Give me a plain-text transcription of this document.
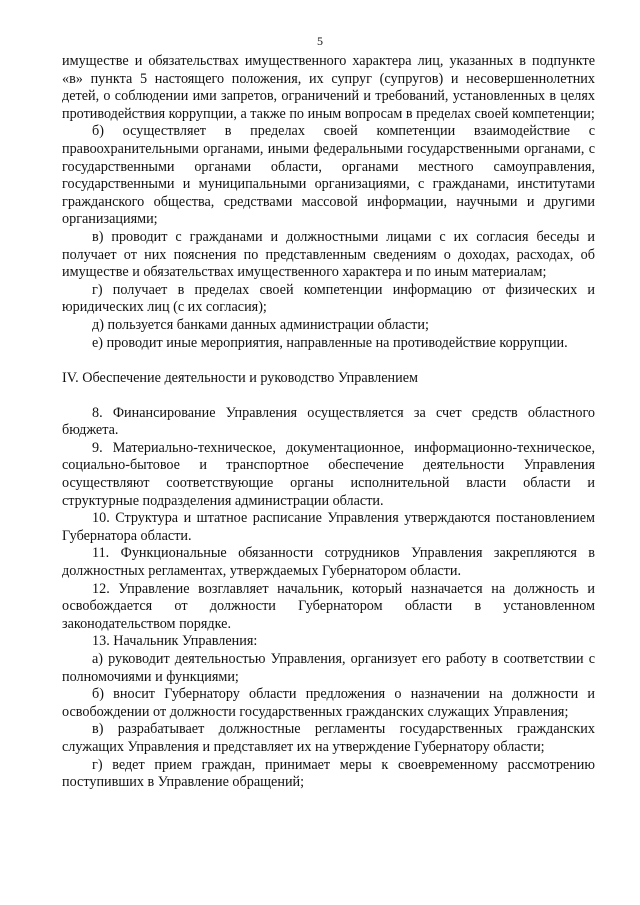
5

имуществе и обязательствах имущественного характера лиц, указанных в подпункте «в» пункта 5 настоящего положения, их супруг (супругов) и несовершеннолетних детей, о соблюдении ими запретов, ограничений и требований, установленных в целях противодействия коррупции, а также по иным вопросам в пределах своей компетенции;

б) осуществляет в пределах своей компетенции взаимодействие с правоохранительными органами, иными федеральными государственными органами, с государственными органами области, органами местного самоуправления, государственными и муниципальными организациями, с гражданами, институтами гражданского общества, средствами массовой информации, научными и другими организациями;

в) проводит с гражданами и должностными лицами с их согласия беседы и получает от них пояснения по представленным сведениям о доходах, расходах, об имуществе и обязательствах имущественного характера и по иным материалам;

г) получает в пределах своей компетенции информацию от физических и юридических лиц (с их согласия);

д) пользуется банками данных администрации области;

е) проводит иные мероприятия, направленные на противодействие коррупции.

IV. Обеспечение деятельности и руководство Управлением

8. Финансирование Управления осуществляется за счет средств областного бюджета.

9. Материально-техническое, документационное, информационно-техническое, социально-бытовое и транспортное обеспечение деятельности Управления осуществляют соответствующие органы исполнительной власти области и структурные подразделения администрации области.

10. Структура и штатное расписание Управления утверждаются постановлением Губернатора области.

11. Функциональные обязанности сотрудников Управления закрепляются в должностных регламентах, утверждаемых Губернатором области.

12. Управление возглавляет начальник, который назначается на должность и освобождается от должности Губернатором области в установленном законодательством порядке.

13. Начальник Управления:

а) руководит деятельностью Управления, организует его работу в соответствии с полномочиями и функциями;

б) вносит Губернатору области предложения о назначении на должности и освобождении от должности государственных гражданских служащих Управления;

в) разрабатывает должностные регламенты государственных гражданских служащих Управления и представляет их на утверждение Губернатору области;

г) ведет прием граждан, принимает меры к своевременному рассмотрению поступивших в Управление обращений;
